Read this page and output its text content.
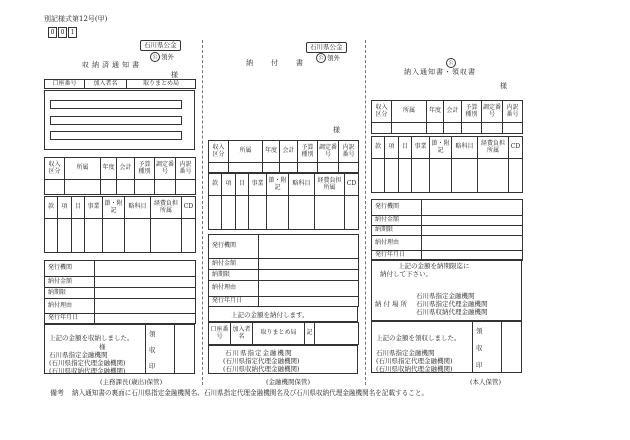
別記様式第12号(甲)
0 0 1
石川県公金
公 領外
収納済通知書
様
口座番号	加入者名	取りまとめ局
収入区分	所属	年度	会計	予算種別	調定番号	内訳番号

款	項	目	事業	節・附記	略科目	経費負担所属	CD

発行機関	
納付金額	
納期限	
納付理由	
発行年月日	
上記の金額を収納しました。
様
石川県指定金融機関
(石川県指定代理金融機関)
(石川県収納代理金融機関)
領
収
印
(主務課長(歳出)保管)
石川県公金
公 領外
納付書
様
収入区分	所属	年度	会計	予算種別	調定番号	内訳番号

款	項	目	事業	節・附記	略科目	経費負担所属	CD

発行機関	
納付金額	
納期限	
納付理由	
発行年月日	
上記の金額を納付します。
口座番号	加入者名	取りまとめ局	記	
石川県指定金融機関
(石川県指定代理金融機関)
(石川県収納代理金融機関)
(金融機関保管)
公
納入通知書・領収書
様
収入区分	所属	年度	会計	予算種別	調定番号	内訳番号

款	項	目	事業	節・附記	略科目	経費負担所属	CD

発行機関	
納付金額	
納期限	
納付理由	
発行年月日	
上記の金額を納期限迄に
納付して下さい。
納付場所
石川県指定金融機関
石川県指定代理金融機関
石川県収納代理金融機関
上記の金額を領収しました。
石川県指定金融機関
(石川県指定代理金融機関)
(石川県収納代理金融機関)
領
収
印
(本人保管)
備考 納入通知書の裏面に石川県指定金融機関名、石川県指定代理金融機関名及び石川県収納代理金融機関名を記載すること。
